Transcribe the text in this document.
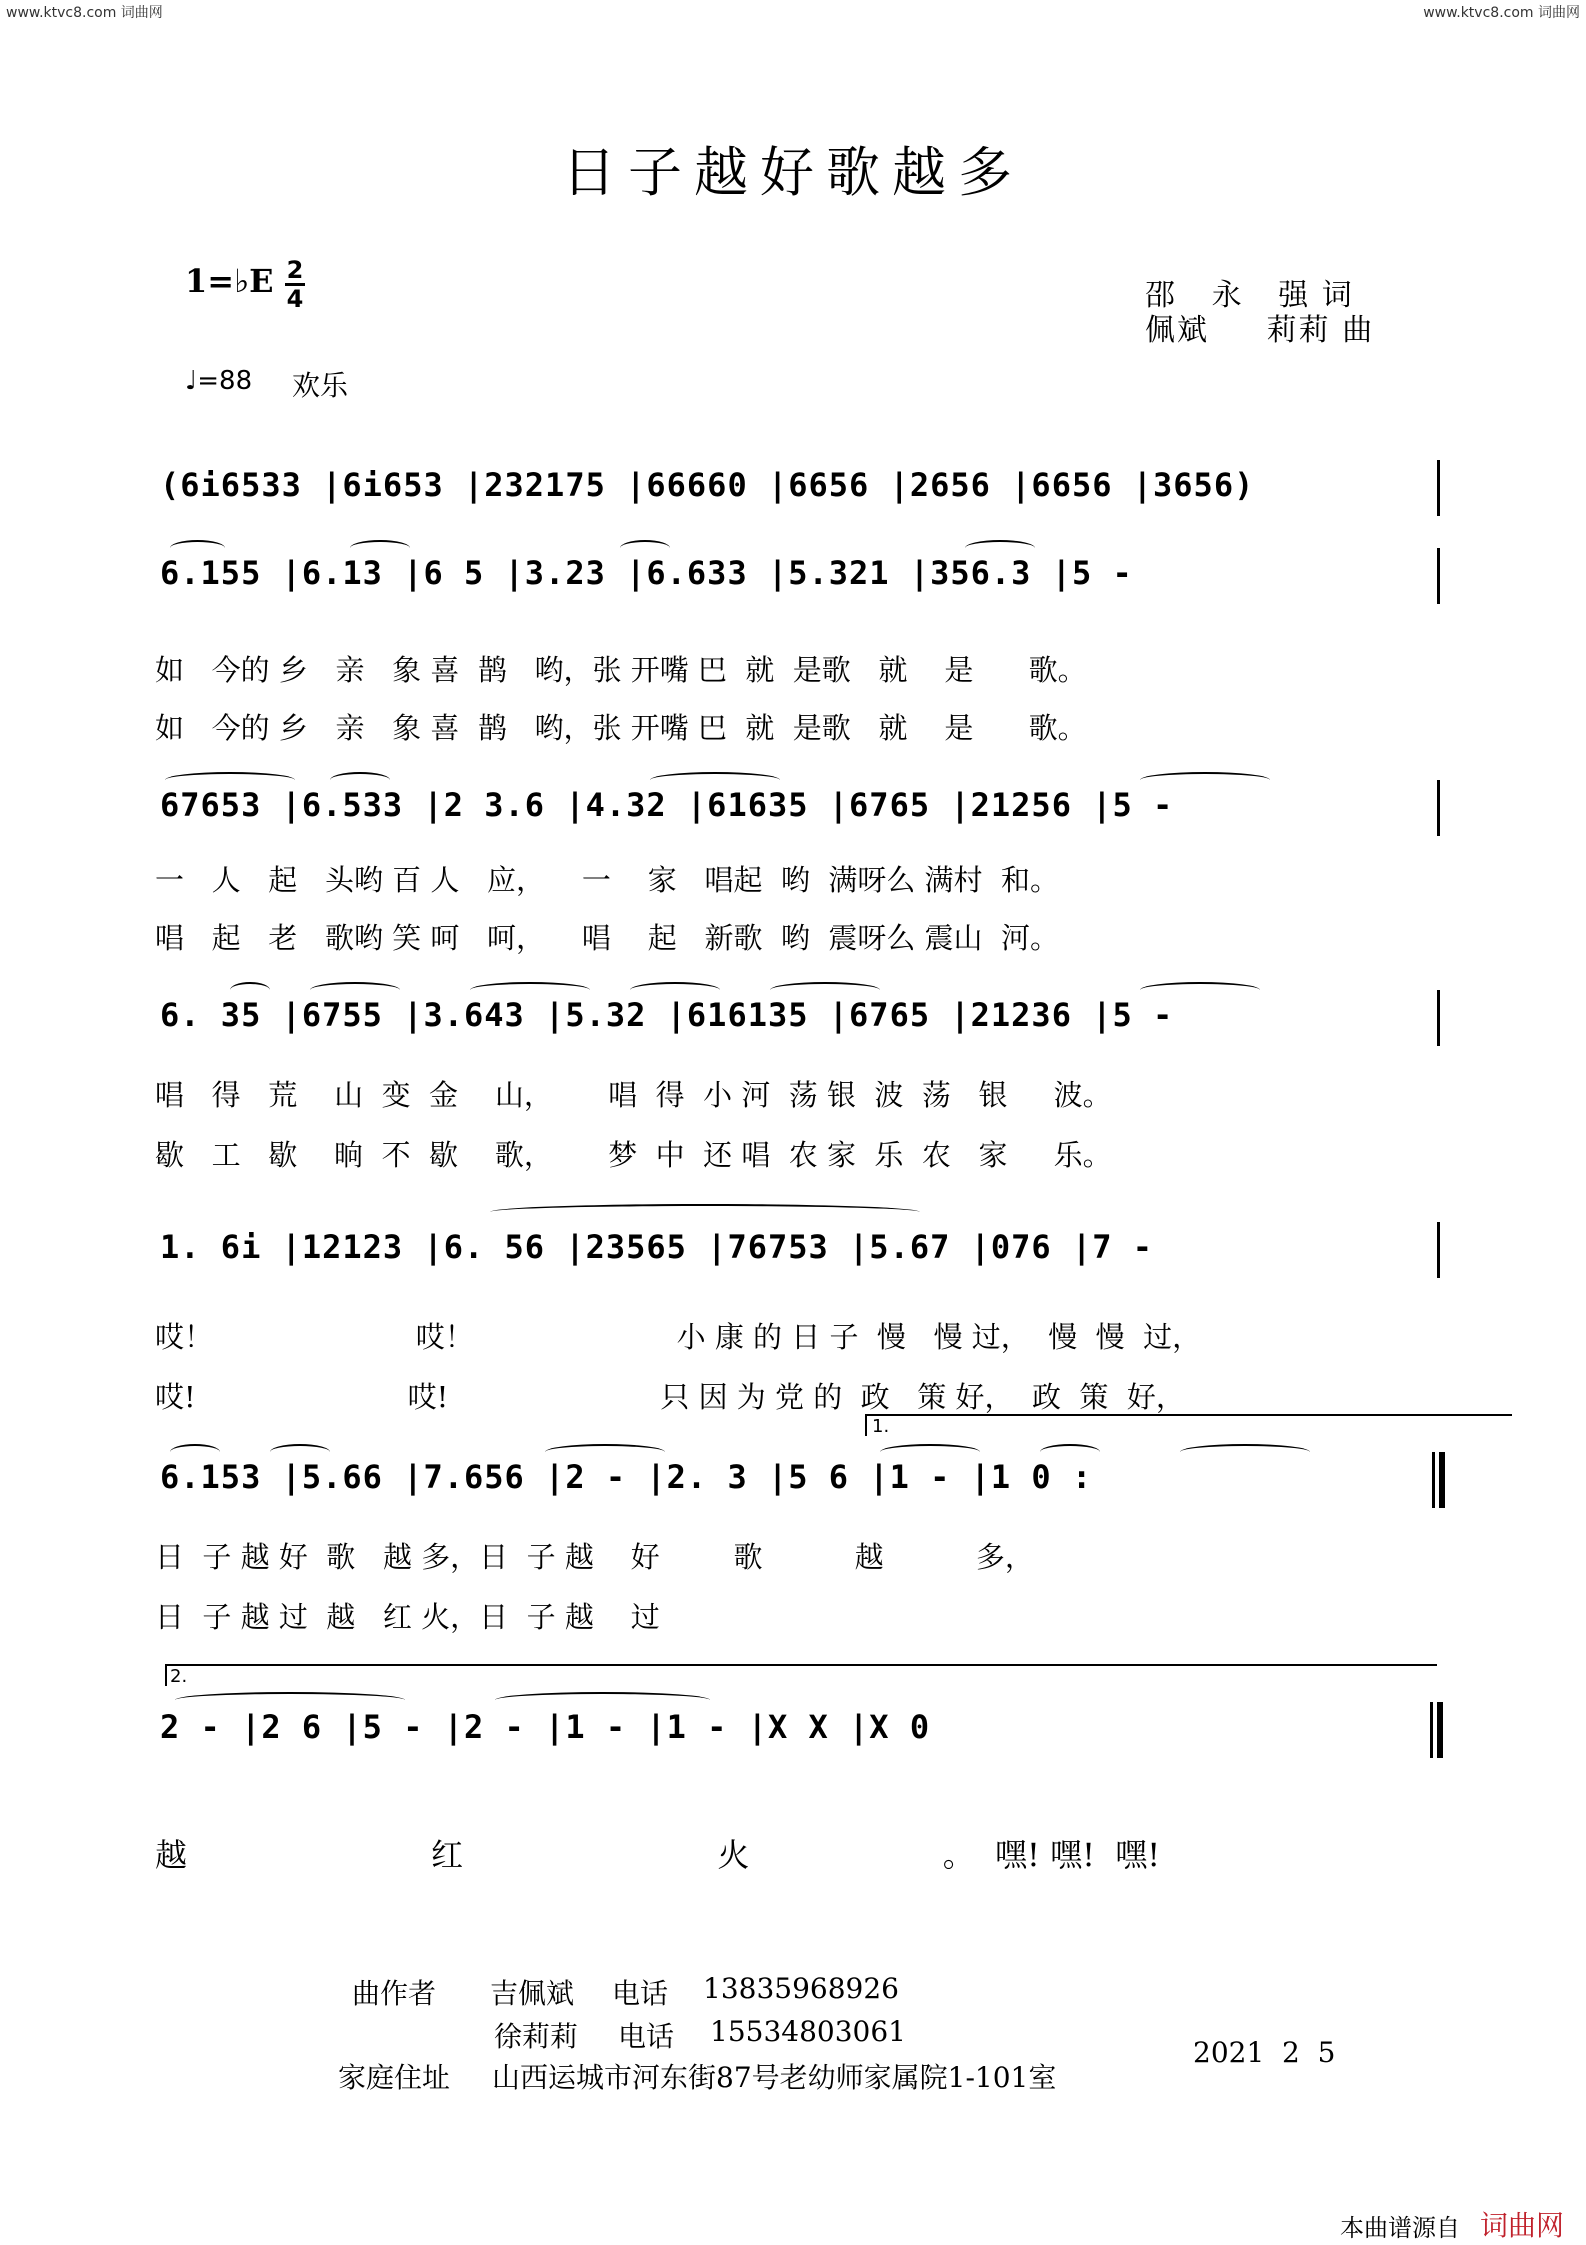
www.ktvc8.com 词曲网	www.ktvc8.com 词曲网
日子越好歌越多
1=♭E 2
4	邵   永   强 词
佩斌     莉莉 曲
♩=88 欢乐
(6i6533 |6i653 |232175 |66660 |6656 |2656 |6656 |3656)
6.155 |6.13 |6 5 |3.23 |6.633 |5.321 |356.3 |5 -
如   今的 乡   亲   象 喜  鹊   哟，张 开嘴 巴  就  是歌   就    是      歌。
如   今的 乡   亲   象 喜  鹊   哟，张 开嘴 巴  就  是歌   就    是      歌。
67653 |6.533 |2 3.6 |4.32 |61635 |6765 |21256 |5 -
一   人   起   头哟 百 人   应，    一    家   唱起  哟  满呀么 满村  和。
唱   起   老   歌哟 笑 呵   呵，    唱    起   新歌  哟  震呀么 震山  河。
6. 35 |6755 |3.643 |5.32 |616135 |6765 |21236 |5 -
唱   得   荒    山  变  金    山，      唱  得  小 河  荡 银  波  荡   银     波。
歇   工   歇    晌  不  歇    歌，      梦  中  还 唱  农 家  乐  农   家     乐。
1. 6i |12123 |6. 56 |23565 |76753 |5.67 |076 |7 -
哎！                      哎！                      小 康 的 日 子  慢   慢 过，  慢  慢  过，
哎!                       哎!                       只 因 为 党 的  政   策 好，  政  策  好，
1.
6.153 |5.66 |7.656 |2 - |2. 3 |5 6 |1 - |1 0 :
日  子 越 好  歌   越 多，日  子 越    好        歌          越          多，
日  子 越 过  越   红 火，日  子 越    过
2.
2 - |2 6 |5 - |2 - |1 - |1 - |X X |X 0
越                        红                         火                   。  嘿! 嘿!  嘿!
曲作者 吉佩斌 电话 13835968926
徐莉莉 电话 15534803061
家庭住址 山西运城市河东街87号老幼师家属院1-101室
2021  2  5
本曲谱源自 词曲网
